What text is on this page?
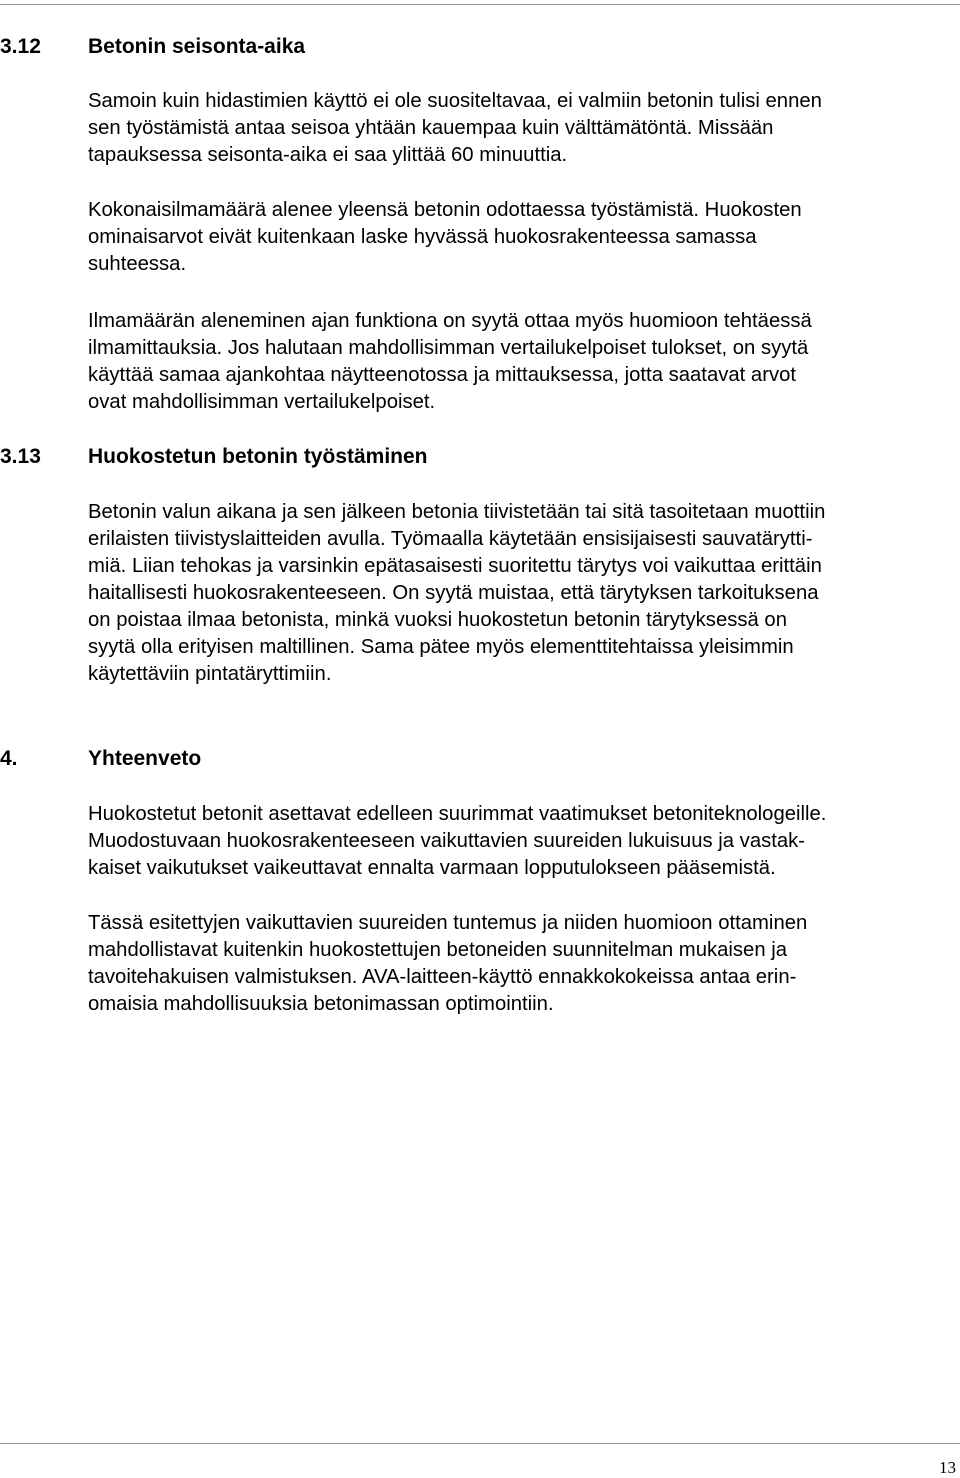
3.12 Betonin seisonta-aika
Samoin kuin hidastimien käyttö ei ole suositeltavaa, ei valmiin betonin tulisi ennen
sen työstämistä antaa seisoa yhtään kauempaa kuin välttämätöntä. Missään
tapauksessa seisonta-aika ei saa ylittää 60 minuuttia.
Kokonaisilmamäärä alenee yleensä betonin odottaessa työstämistä. Huokosten
ominaisarvot eivät kuitenkaan laske hyvässä huokosrakenteessa samassa
suhteessa.
Ilmamäärän aleneminen ajan funktiona on syytä ottaa myös huomioon tehtäessä
ilmamittauksia. Jos halutaan mahdollisimman vertailukelpoiset tulokset, on syytä
käyttää samaa ajankohtaa näytteenotossa ja mittauksessa, jotta saatavat arvot
ovat mahdollisimman vertailukelpoiset.
3.13 Huokostetun betonin työstäminen
Betonin valun aikana ja sen jälkeen betonia tiivistetään tai sitä tasoitetaan muottiin
erilaisten tiivistyslaitteiden avulla. Työmaalla käytetään ensisijaisesti sauvatärytti-
miä. Liian tehokas ja varsinkin epätasaisesti suoritettu tärytys voi vaikuttaa erittäin
haitallisesti huokosrakenteeseen. On syytä muistaa, että tärytyksen tarkoituksena
on poistaa ilmaa betonista, minkä vuoksi huokostetun betonin tärytyksessä on
syytä olla erityisen maltillinen. Sama pätee myös elementtitehtaissa yleisimmin
käytettäviin pintatäryttimiin.
4.	Yhteenveto
Huokostetut betonit asettavat edelleen suurimmat vaatimukset betoniteknologeille.
Muodostuvaan huokosrakenteeseen vaikuttavien suureiden lukuisuus ja vastak-
kaiset vaikutukset vaikeuttavat ennalta varmaan lopputulokseen pääsemistä.
Tässä esitettyjen vaikuttavien suureiden tuntemus ja niiden huomioon ottaminen
mahdollistavat kuitenkin huokostettujen betoneiden suunnitelman mukaisen ja
tavoitehakuisen valmistuksen. AVA-laitteen-käyttö ennakkokokeissa antaa erin-
omaisia mahdollisuuksia betonimassan optimointiin.
13
